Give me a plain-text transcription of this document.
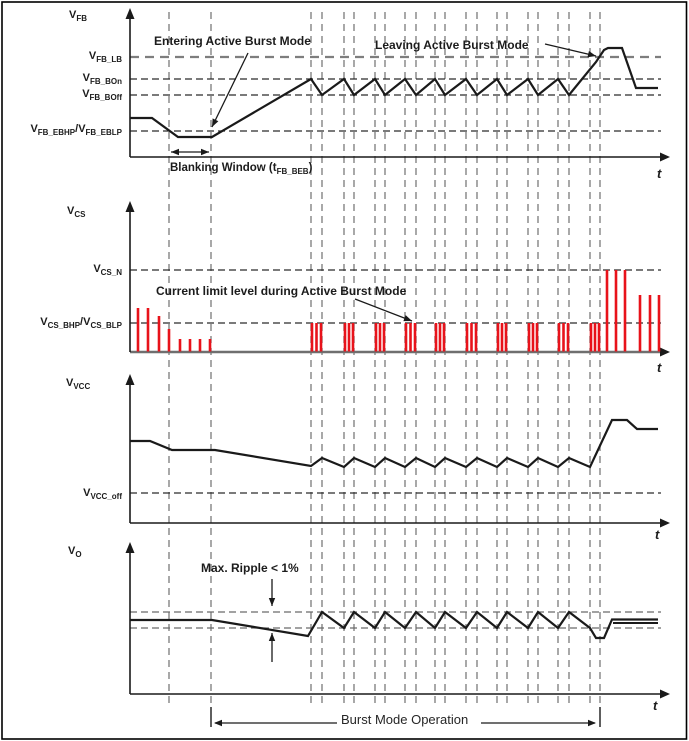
$V_{FB}$
$V_{FB\_LB}$
$V_{FB\_BOn}$
$V_{FB\_BOff}$
$V_{FB\_EBHP}/V_{FB\_EBLP}$
Entering Active Burst Mode	Leaving Active Burst Mode
Blanking Window $(t_{FB\_BEB})$	t
$V_{CS}$
$V_{CS\_N}$
$V_{CS\_BHP}/V_{CS\_BLP}$
Current limit level during Active Burst Mode
t
$V_{VCC}$
$V_{VCC\_off}$
t
$V_O$
Max. Ripple < 1%
t
Burst Mode Operation
